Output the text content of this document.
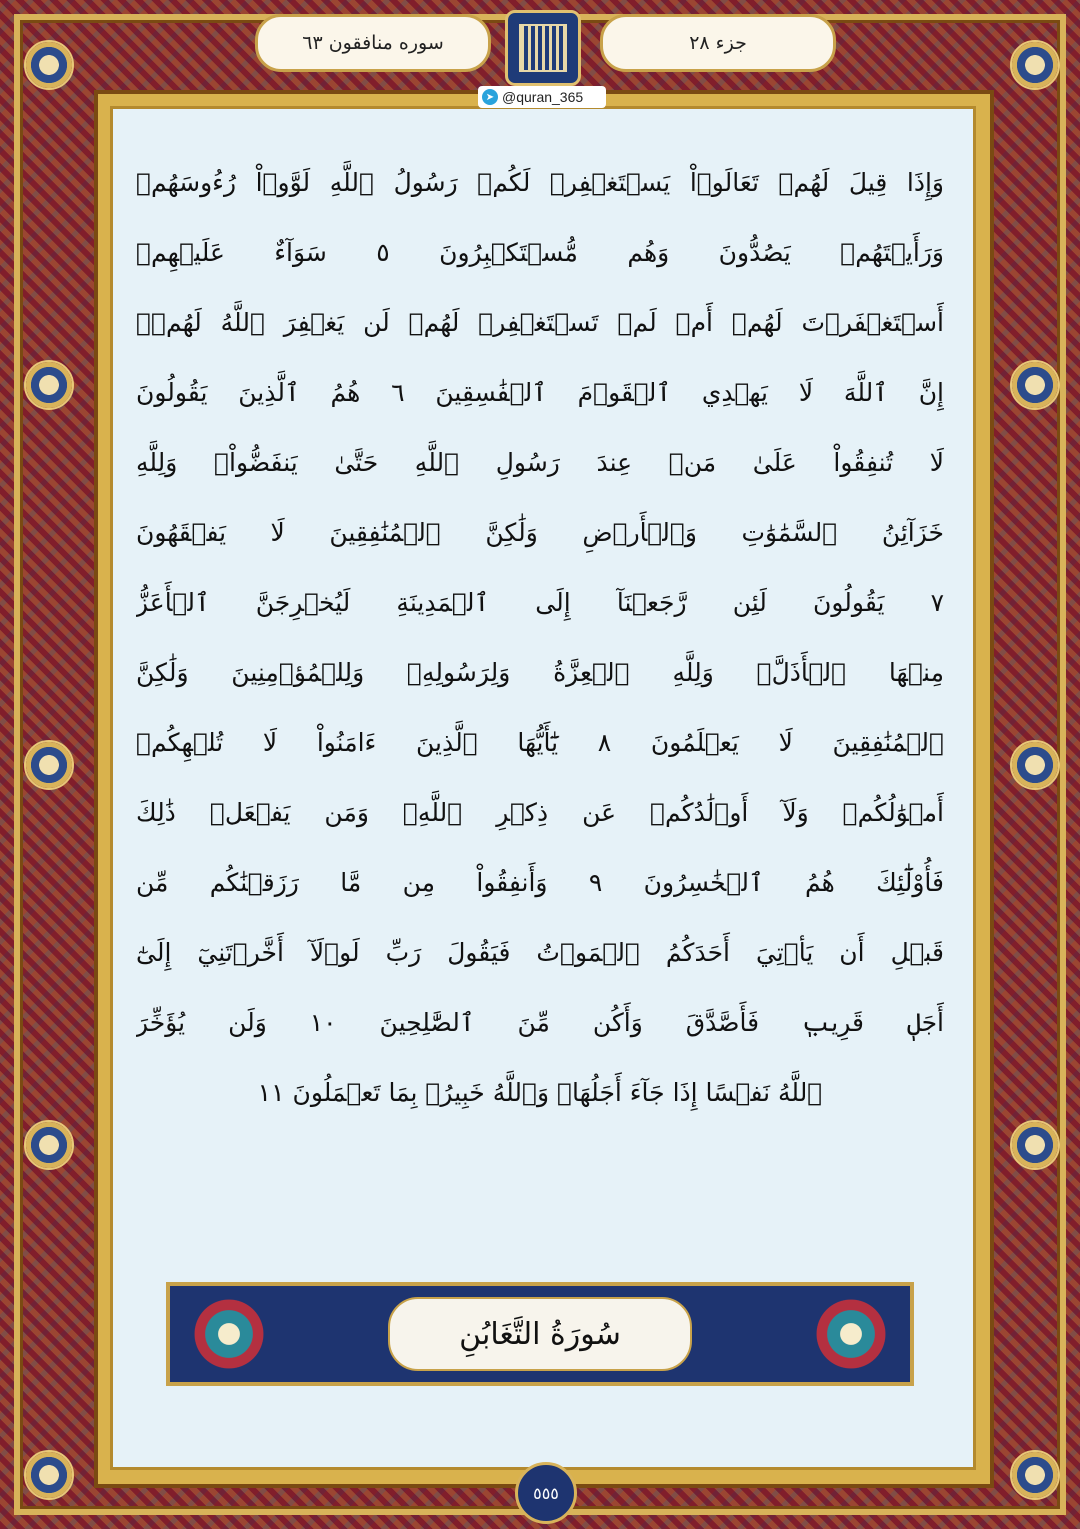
سوره منافقون ٦٣	جزء ٢٨
➤ @quran_365
وَإِذَا قِيلَ لَهُمۡ تَعَالَوۡاْ يَسۡتَغۡفِرۡ لَكُمۡ رَسُولُ ٱللَّهِ لَوَّوۡاْ رُءُوسَهُمۡ
وَرَأَيۡتَهُمۡ يَصُدُّونَ وَهُم مُّسۡتَكۡبِرُونَ ٥ سَوَآءٌ عَلَيۡهِمۡ
أَسۡتَغۡفَرۡتَ لَهُمۡ أَمۡ لَمۡ تَسۡتَغۡفِرۡ لَهُمۡ لَن يَغۡفِرَ ٱللَّهُ لَهُمۡۚ
إِنَّ ٱللَّهَ لَا يَهۡدِي ٱلۡقَوۡمَ ٱلۡفَٰسِقِينَ ٦ هُمُ ٱلَّذِينَ يَقُولُونَ
لَا تُنفِقُواْ عَلَىٰ مَنۡ عِندَ رَسُولِ ٱللَّهِ حَتَّىٰ يَنفَضُّواْۗ وَلِلَّهِ
خَزَآئِنُ ٱلسَّمَٰوَٰتِ وَٱلۡأَرۡضِ وَلَٰكِنَّ ٱلۡمُنَٰفِقِينَ لَا يَفۡقَهُونَ
٧ يَقُولُونَ لَئِن رَّجَعۡنَآ إِلَى ٱلۡمَدِينَةِ لَيُخۡرِجَنَّ ٱلۡأَعَزُّ
مِنۡهَا ٱلۡأَذَلَّۚ وَلِلَّهِ ٱلۡعِزَّةُ وَلِرَسُولِهِۦ وَلِلۡمُؤۡمِنِينَ وَلَٰكِنَّ
ٱلۡمُنَٰفِقِينَ لَا يَعۡلَمُونَ ٨ يَٰٓأَيُّهَا ٱلَّذِينَ ءَامَنُواْ لَا تُلۡهِكُمۡ
أَمۡوَٰلُكُمۡ وَلَآ أَوۡلَٰدُكُمۡ عَن ذِكۡرِ ٱللَّهِۚ وَمَن يَفۡعَلۡ ذَٰلِكَ
فَأُوْلَٰٓئِكَ هُمُ ٱلۡخَٰسِرُونَ ٩ وَأَنفِقُواْ مِن مَّا رَزَقۡنَٰكُم مِّن
قَبۡلِ أَن يَأۡتِيَ أَحَدَكُمُ ٱلۡمَوۡتُ فَيَقُولَ رَبِّ لَوۡلَآ أَخَّرۡتَنِيٓ إِلَىٰٓ
أَجَلٖ قَرِيبٖ فَأَصَّدَّقَ وَأَكُن مِّنَ ٱلصَّٰلِحِينَ ١٠ وَلَن يُؤَخِّرَ
ٱللَّهُ نَفۡسًا إِذَا جَآءَ أَجَلُهَاۚ وَٱللَّهُ خَبِيرُۢ بِمَا تَعۡمَلُونَ ١١
سُورَةُ التَّغَابُنِ
٥٥٥
